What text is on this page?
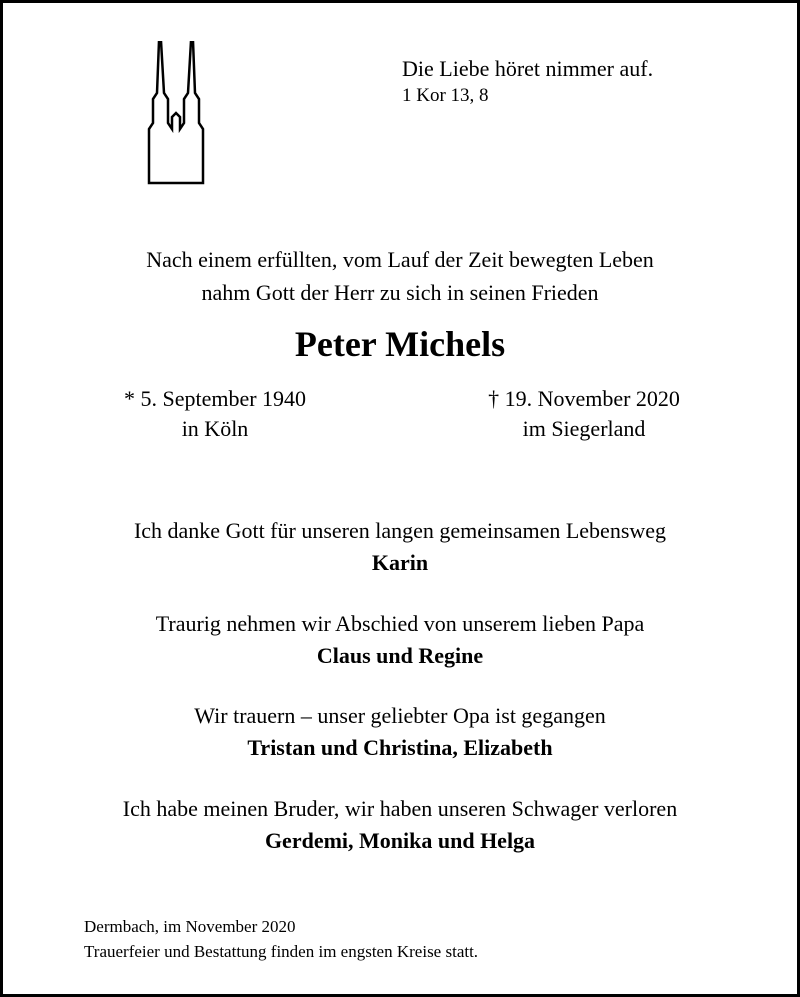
Die Liebe höret nimmer auf.
1 Kor 13, 8
Nach einem erfüllten, vom Lauf der Zeit bewegten Leben
nahm Gott der Herr zu sich in seinen Frieden
Peter Michels
* 5. September 1940
in Köln
† 19. November 2020
im Siegerland
Ich danke Gott für unseren langen gemeinsamen Lebensweg
Karin
Traurig nehmen wir Abschied von unserem lieben Papa
Claus und Regine
Wir trauern – unser geliebter Opa ist gegangen
Tristan und Christina, Elizabeth
Ich habe meinen Bruder, wir haben unseren Schwager verloren
Gerdemi, Monika und Helga
Dermbach, im November 2020
Trauerfeier und Bestattung finden im engsten Kreise statt.
